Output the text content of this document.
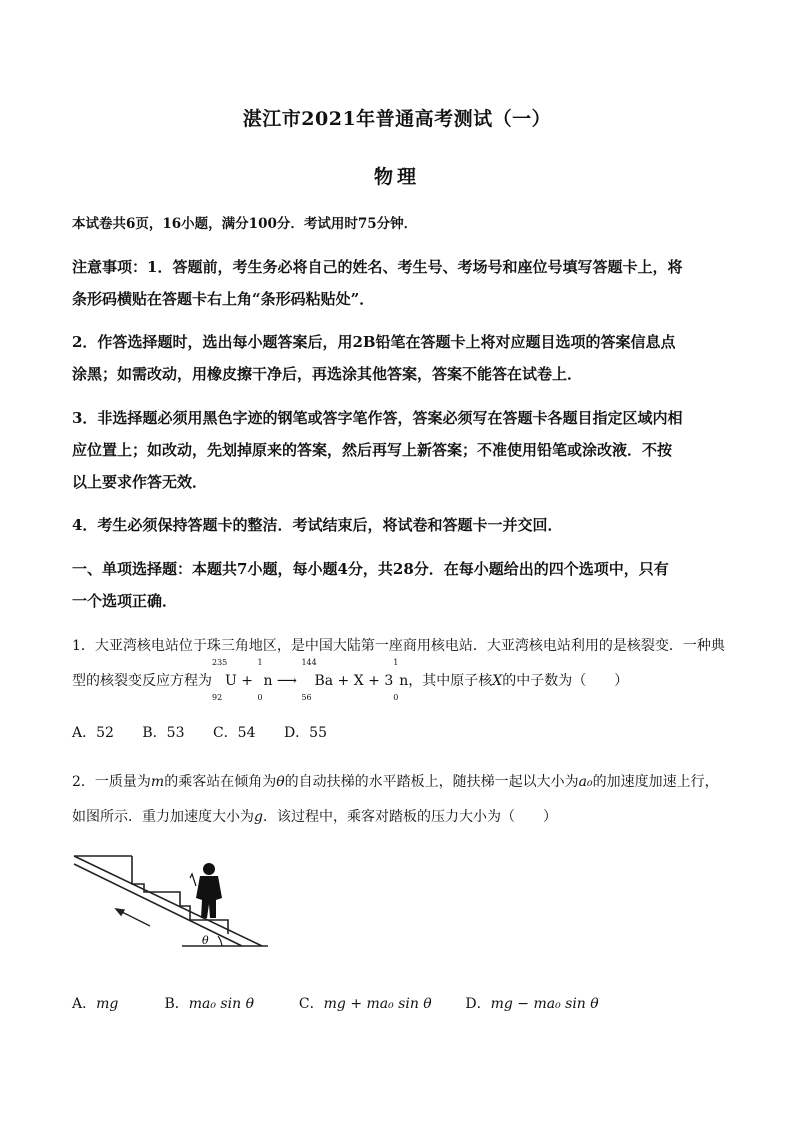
湛江市2021年普通高考测试（一）
物理
本试卷共6页，16小题，满分100分．考试用时75分钟．
注意事项：1．答题前，考生务必将自己的姓名、考生号、考场号和座位号填写答题卡上，将
条形码横贴在答题卡右上角“条形码粘贴处”．
2．作答选择题时，选出每小题答案后，用2B铅笔在答题卡上将对应题目选项的答案信息点
涂黑；如需改动，用橡皮擦干净后，再选涂其他答案，答案不能答在试卷上．
3．非选择题必须用黑色字迹的钢笔或答字笔作答，答案必须写在答题卡各题目指定区域内相
应位置上；如改动，先划掉原来的答案，然后再写上新答案；不准使用铅笔或涂改液．不按
以上要求作答无效．
4．考生必须保持答题卡的整洁．考试结束后，将试卷和答题卡一并交回．
一、单项选择题：本题共7小题，每小题4分，共28分．在每小题给出的四个选项中，只有
一个选项正确．
1．大亚湾核电站位于珠三角地区，是中国大陆第一座商用核电站．大亚湾核电站利用的是核裂变．一种典
型的核裂变反应方程为
235
92
U +
1
0
n ⟶
144
56
Ba + X + 3
1
0
n，其中原子核X的中子数为（　　）
A．52 B．53 C．54 D．55
2．一质量为m的乘客站在倾角为θ的自动扶梯的水平踏板上，随扶梯一起以大小为a₀的加速度加速上行，
如图所示．重力加速度大小为g．该过程中，乘客对踏板的压力大小为（　　）
θ
A．mg	B．ma₀ sin θ	C．mg + ma₀ sin θ D．mg − ma₀ sin θ
